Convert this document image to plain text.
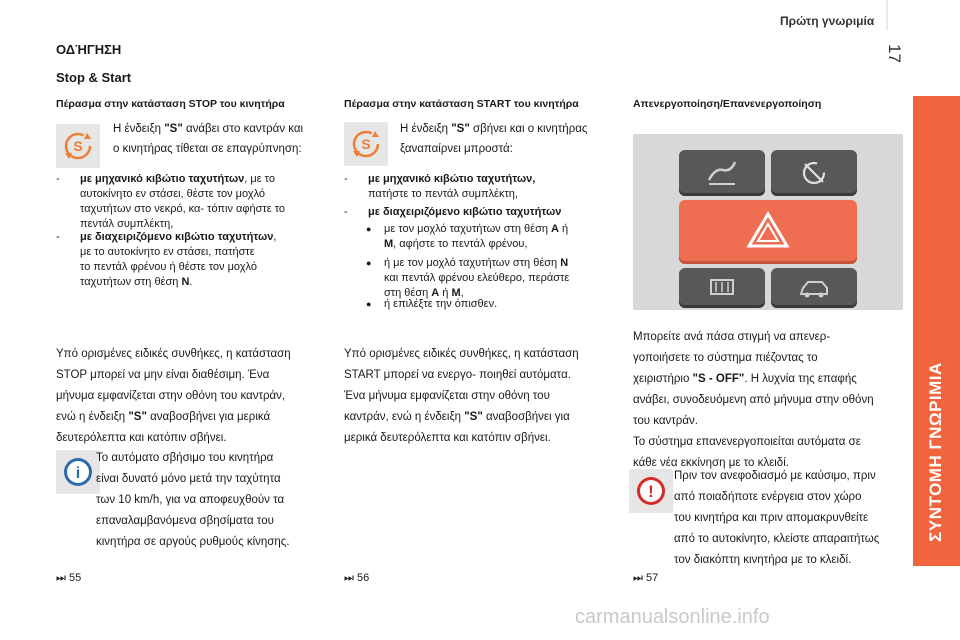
Πρώτη γνωριμία
17
ΣΥΝΤΟΜΗ ΓΝΩΡΙΜΙΑ
ΟΔΉΓΗΣΗ
Stop & Start
Πέρασμα στην κατάσταση STOP του κινητήρα
S
Η ένδειξη "S" ανάβει στο καντράν και
ο κινητήρας τίθεται σε επαγρύπνηση:
- με μηχανικό κιβώτιο ταχυτήτων, με το
αυτοκίνητο εν στάσει, θέστε τον μοχλό
ταχυτήτων στο νεκρό, κα- τόπιν αφήστε το
πεντάλ συμπλέκτη,
- με διαχειριζόμενο κιβώτιο ταχυτήτων,
με το αυτοκίνητο εν στάσει, πατήστε
το πεντάλ φρένου ή θέστε τον μοχλό
ταχυτήτων στη θέση N.
Υπό ορισμένες ειδικές συνθήκες, η κατάσταση
STOP μπορεί να μην είναι διαθέσιμη. Ένα
μήνυμα εμφανίζεται στην οθόνη του καντράν,
ενώ η ένδειξη "S" αναβοσβήνει για μερικά
δευτερόλεπτα και κατόπιν σβήνει.
i
Το αυτόματο σβήσιμο του κινητήρα
είναι δυνατό μόνο μετά την ταχύτητα
των 10 km/h, για να αποφευχθούν τα
επαναλαμβανόμενα σβησίματα του
κινητήρα σε αργούς ρυθμούς κίνησης.
⏭ 55
Πέρασμα στην κατάσταση START του κινητήρα
S
Η ένδειξη "S" σβήνει και ο κινητήρας
ξαναπαίρνει μπροστά:
- με μηχανικό κιβώτιο ταχυτήτων,
πατήστε το πεντάλ συμπλέκτη,
- με διαχειριζόμενο κιβώτιο ταχυτήτων
● με τον μοχλό ταχυτήτων στη θέση A ή
M, αφήστε το πεντάλ φρένου,
● ή με τον μοχλό ταχυτήτων στη θέση N
και πεντάλ φρένου ελεύθερο, περάστε
στη θέση A ή M,
● ή επιλέξτε την όπισθεν.
Υπό ορισμένες ειδικές συνθήκες, η κατάσταση
START μπορεί να ενεργο- ποιηθεί αυτόματα.
Ένα μήνυμα εμφανίζεται στην οθόνη του
καντράν, ενώ η ένδειξη "S" αναβοσβήνει για
μερικά δευτερόλεπτα και κατόπιν σβήνει.
⏭ 56
Απενεργοποίηση/Επανενεργοποίηση
Μπορείτε ανά πάσα στιγμή να απενερ-
γοποιήσετε το σύστημα πιέζοντας το
χειριστήριο "S - OFF". Η λυχνία της επαφής
ανάβει, συνοδευόμενη από μήνυμα στην οθόνη
του καντράν.
Το σύστημα επανενεργοποιείται αυτόματα σε
κάθε νέα εκκίνηση με το κλειδί.
!
Πριν τον ανεφοδιασμό με καύσιμο, πριν
από ποιαδήποτε ενέργεια στον χώρο
του κινητήρα και πριν απομακρυνθείτε
από το αυτοκίνητο, κλείστε απαραιτήτως
τον διακόπτη κινητήρα με το κλειδί.
⏭ 57
carmanualsonline.info
